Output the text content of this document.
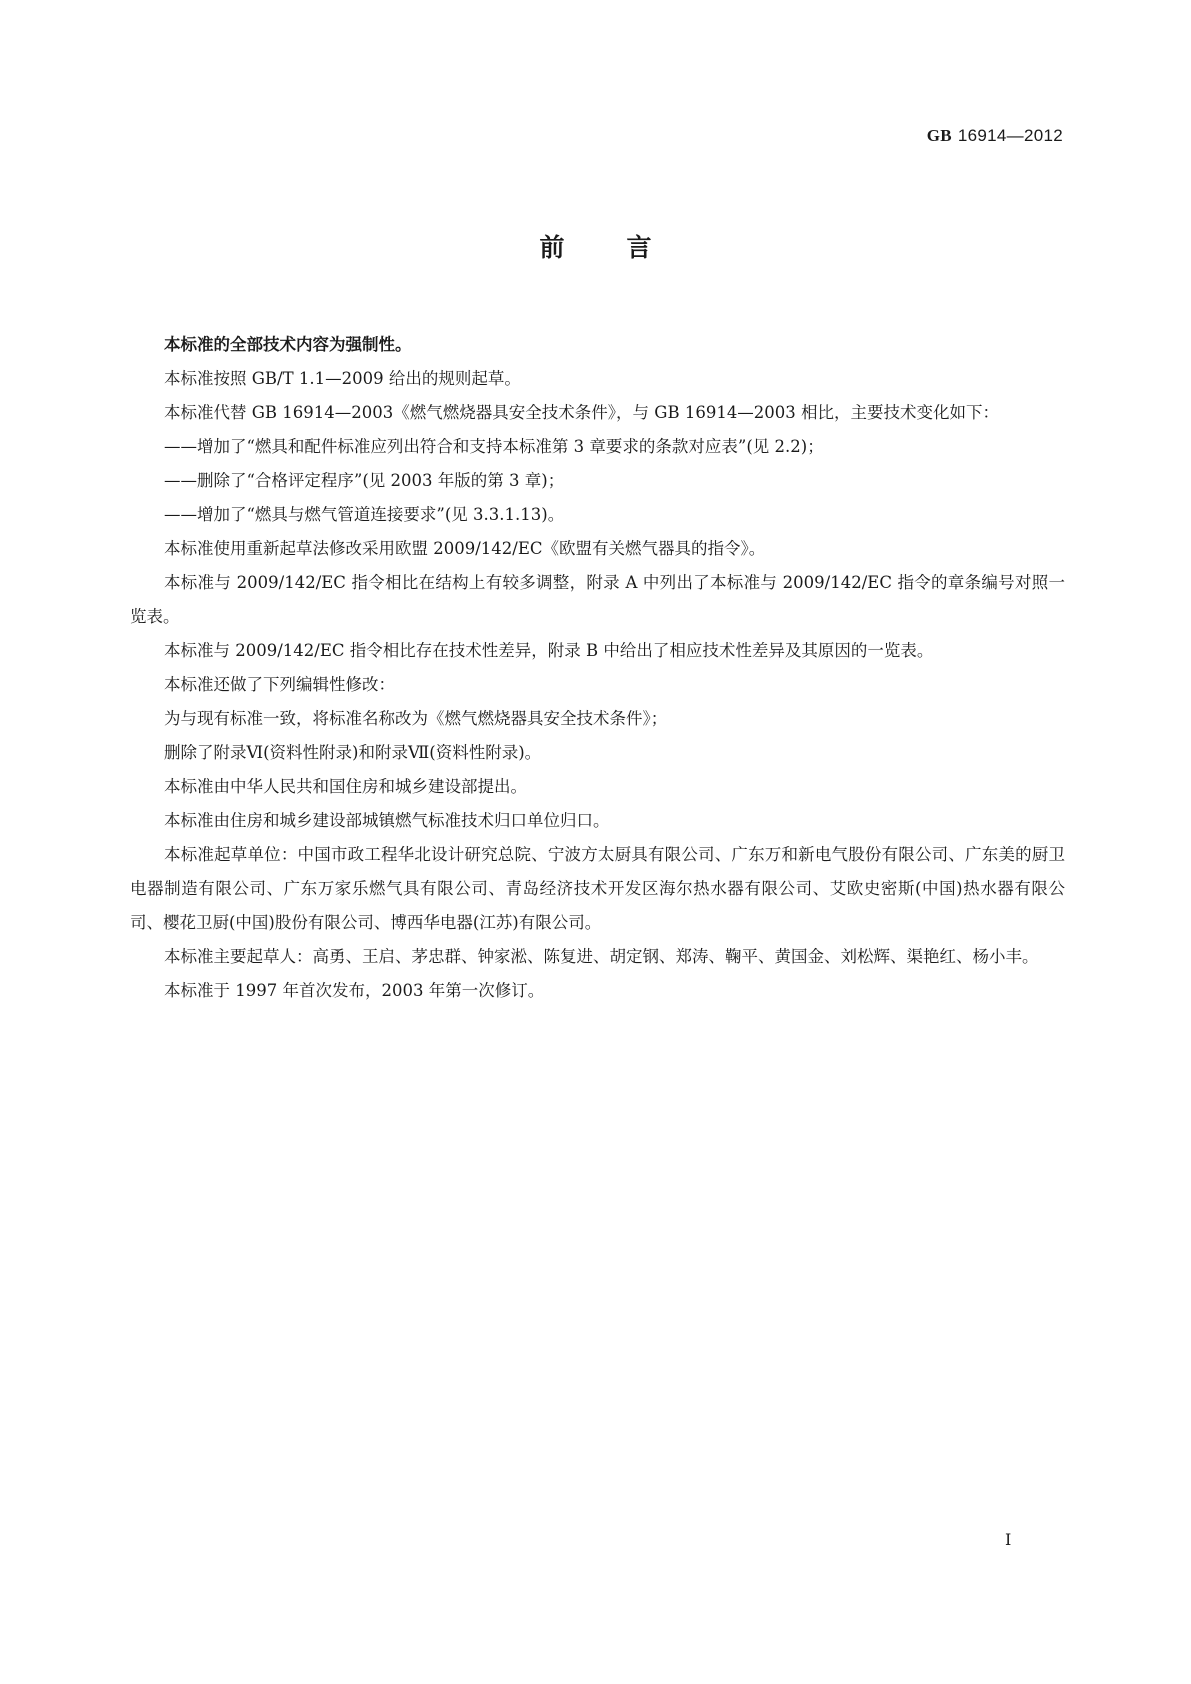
GB 16914—2012
前言

本标准的全部技术内容为强制性。

本标准按照 GB/T 1.1—2009 给出的规则起草。

本标准代替 GB 16914—2003《燃气燃烧器具安全技术条件》，与 GB 16914—2003 相比，主要技术变化如下：

——增加了“燃具和配件标准应列出符合和支持本标准第 3 章要求的条款对应表”(见 2.2)；

——删除了“合格评定程序”(见 2003 年版的第 3 章)；

——增加了“燃具与燃气管道连接要求”(见 3.3.1.13)。

本标准使用重新起草法修改采用欧盟 2009/142/EC《欧盟有关燃气器具的指令》。

本标准与 2009/142/EC 指令相比在结构上有较多调整，附录 A 中列出了本标准与 2009/142/EC 指令的章条编号对照一览表。

本标准与 2009/142/EC 指令相比存在技术性差异，附录 B 中给出了相应技术性差异及其原因的一览表。

本标准还做了下列编辑性修改：

为与现有标准一致，将标准名称改为《燃气燃烧器具安全技术条件》；

删除了附录Ⅵ(资料性附录)和附录Ⅶ(资料性附录)。

本标准由中华人民共和国住房和城乡建设部提出。

本标准由住房和城乡建设部城镇燃气标准技术归口单位归口。

本标准起草单位：中国市政工程华北设计研究总院、宁波方太厨具有限公司、广东万和新电气股份有限公司、广东美的厨卫电器制造有限公司、广东万家乐燃气具有限公司、青岛经济技术开发区海尔热水器有限公司、艾欧史密斯(中国)热水器有限公司、樱花卫厨(中国)股份有限公司、博西华电器(江苏)有限公司。

本标准主要起草人：高勇、王启、茅忠群、钟家淞、陈复进、胡定钢、郑涛、鞠平、黄国金、刘松辉、渠艳红、杨小丰。

本标准于 1997 年首次发布，2003 年第一次修订。

I
